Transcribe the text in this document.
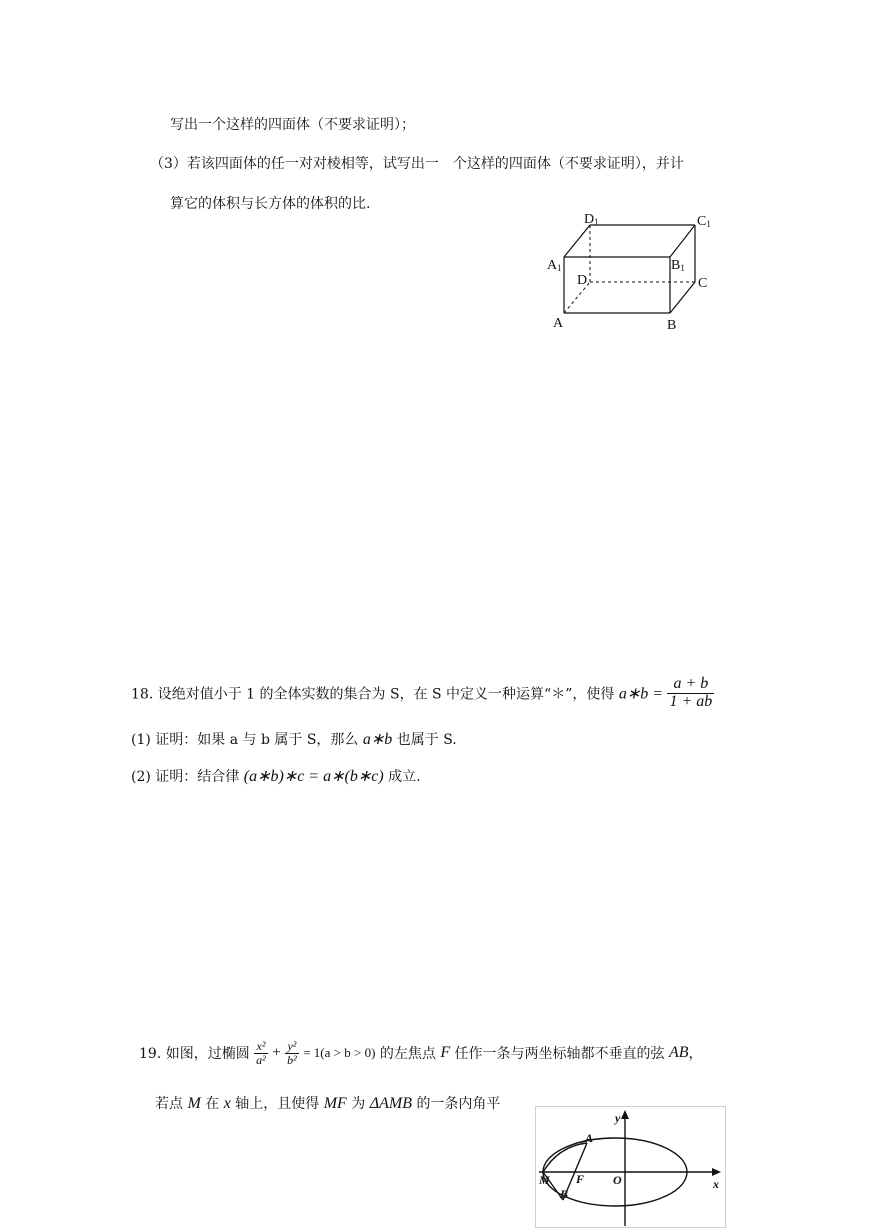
写出一个这样的四面体（不要求证明）；
（3）若该四面体的任一对对棱相等，试写出一 个这样的四面体（不要求证明），并计
算它的体积与长方体的体积的比.
D1	C1
A1	B1
D	C
A	B
18. 设绝对值小于 1 的全体实数的集合为 S，在 S 中定义一种运算“＊”，使得 a∗b = $\frac{a + b}{1 + ab}$
(1) 证明：如果 a 与 b 属于 S，那么 a∗b 也属于 S.
(2) 证明：结合律 (a∗b)∗c = a∗(b∗c) 成立.
19. 如图，过椭圆 $\frac{\text{x²}}{\text{a²}} + \frac{\text{y²}}{\text{b²}} = 1(a > b > 0)$ 的左焦点 F 任作一条与两坐标轴都不垂直的弦 AB，
若点 M 在 x 轴上，且使得 MF 为 ΔAMB 的一条内角平
y
x
A
F O
M
B
